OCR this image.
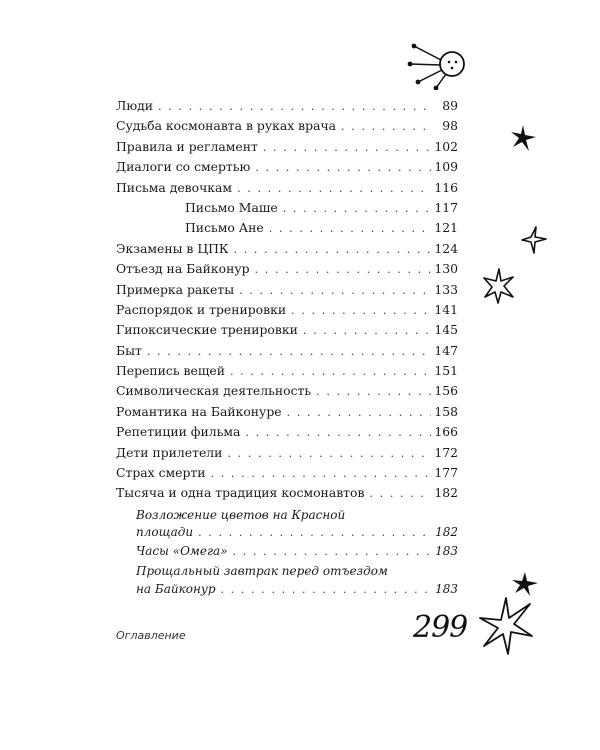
Люди . . .	89
Судьба космонавта в руках врача . . .	98
Правила и регламент . . .	102
Диалоги со смертью . . .	109
Письма девочкам . . .	116
Письмо Маше . . .	117
Письмо Ане . . .	121
Экзамены в ЦПК . . .	124
Отъезд на Байконур . . .	130
Примерка ракеты . . .	133
Распорядок и тренировки . . .	141
Гипоксические тренировки . . .	145
Быт . . .	147
Перепись вещей . . .	151
Символическая деятельность . . .	156
Романтика на Байконуре . . .	158
Репетиции фильма . . .	166
Дети прилетели . . .	172
Страх смерти . . .	177
Тысяча и одна традиция космонавтов . . .	182
Возложение цветов на Красной
площади . . .	182
Часы «Омега» . . .	183
Прощальный завтрак перед отъездом
на Байконур . . .	183
Оглавление	299
